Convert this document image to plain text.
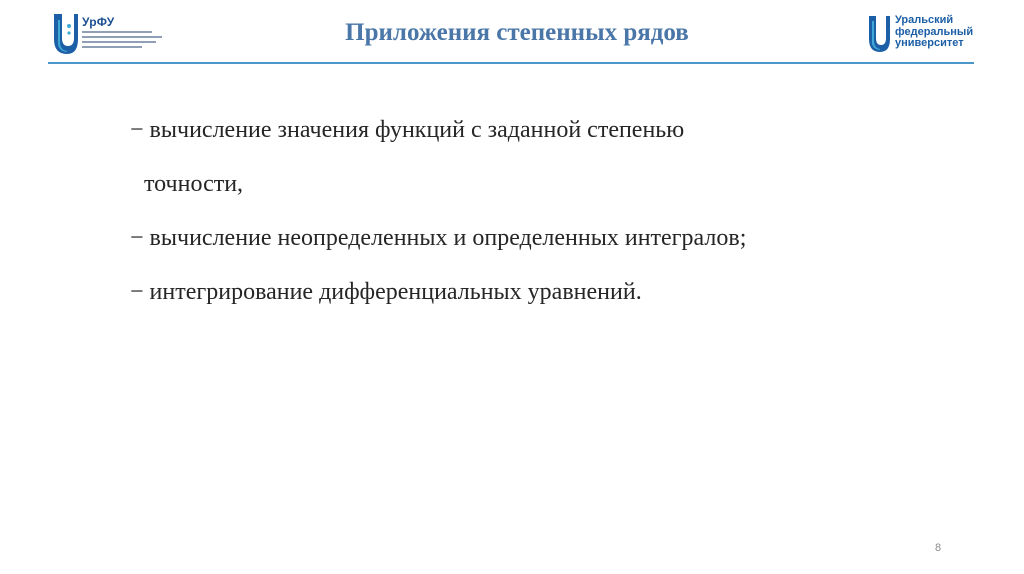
УрФУ	Приложения степенных рядов	Уральский
федеральный
университет
− вычисление значения функций с заданной степенью
точности,
− вычисление неопределенных и определенных интегралов;
− интегрирование дифференциальных уравнений.
8
